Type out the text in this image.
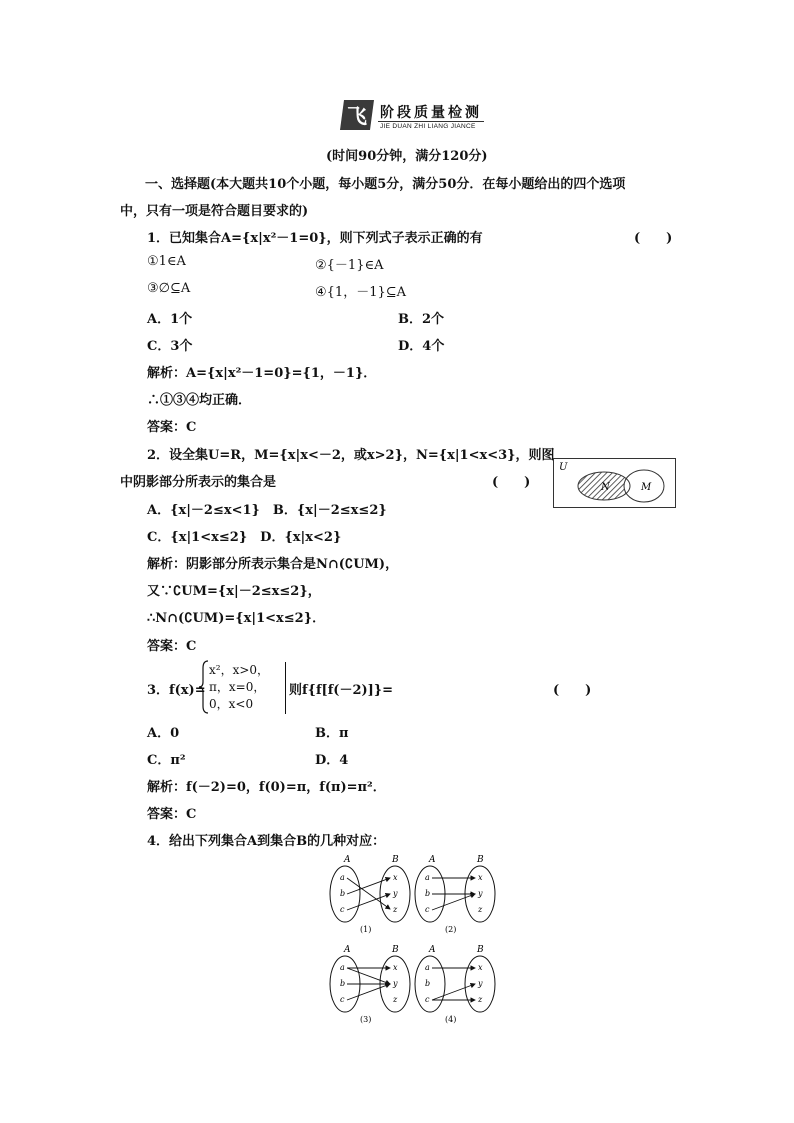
飞 阶段质量检测
JIE DUAN ZHI LIANG JIANCE
(时间90分钟，满分120分)
一、选择题(本大题共10个小题，每小题5分，满分50分．在每小题给出的四个选项
中，只有一项是符合题目要求的)
1．已知集合A={x|x²－1=0}，则下列式子表示正确的有	(　　)
①1∈A	②{－1}∈A
③∅⊆A	④{1，－1}⊆A
A．1个	B．2个
C．3个	D．4个
解析：A={x|x²－1=0}={1，－1}．
∴①③④均正确．
答案：C
2．设全集U=R，M={x|x<－2，或x>2}，N={x|1<x<3}，则图
中阴影部分所表示的集合是	(　　)
U
N	M
A．{x|－2≤x<1}　B．{x|－2≤x≤2}
C．{x|1<x≤2}　D．{x|x<2}
解析：阴影部分所表示集合是N∩(∁UM)，
又∵∁UM={x|－2≤x≤2}，
∴N∩(∁UM)={x|1<x≤2}．
答案：C
3．f(x)=
x²，x>0，
π，x=0，
0，x<0
则f{f[f(－2)]}=	(　　)
A．0	B．π
C．π²	D．4
解析：f(－2)=0，f(0)=π，f(π)=π²．
答案：C
4．给出下列集合A到集合B的几种对应：
A	B
a
b
c
x
y
z
(1)
A	B
a
b
c
x
y
z
(2)
A	B
a
b
c
x
y
z
(3)
A	B
a
b
c
x
y
z
(4)
